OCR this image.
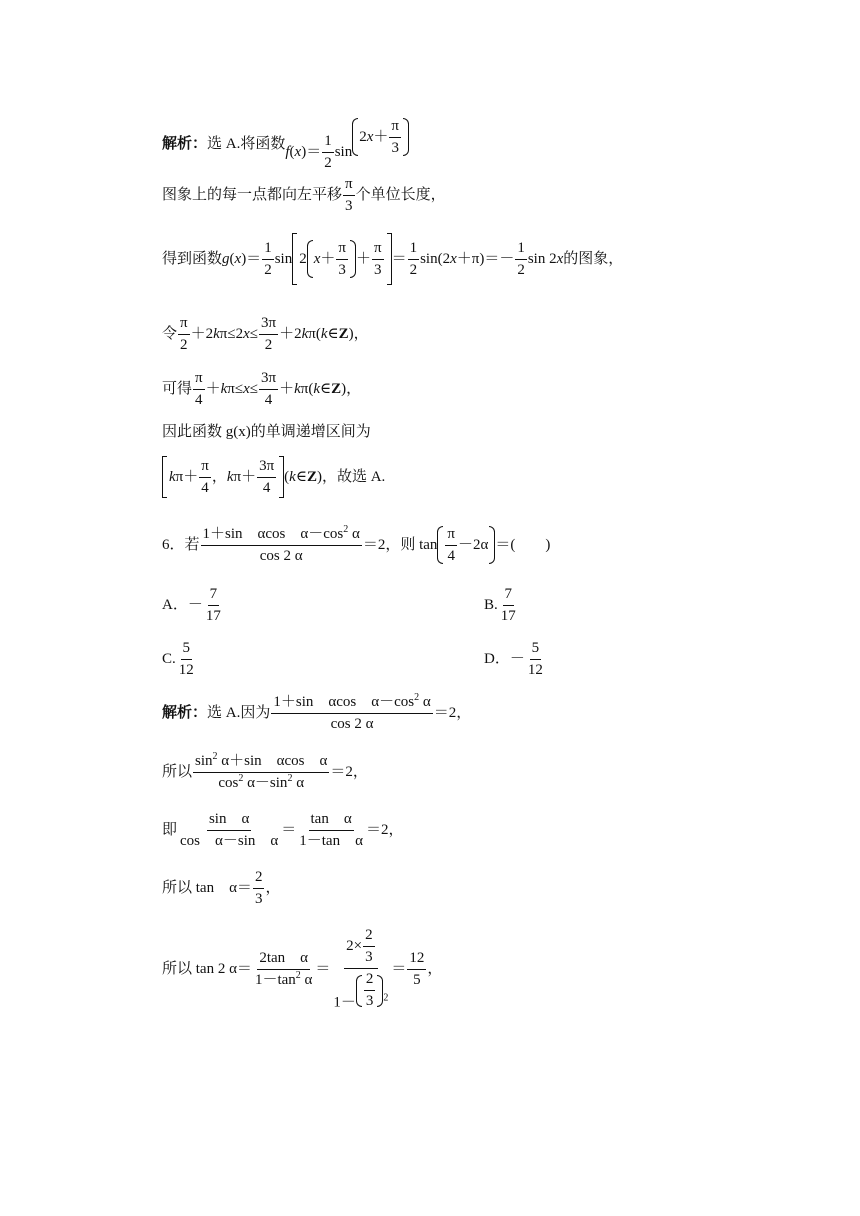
解析： 选 A.将函数 $f(x)= \frac{1}{2}$ sin
2 x ＋
π
3
图象上的每一点都向左平移
π
3
个单位长度，
得到函数 g ( x )＝
1
2
sin 2 x ＋
π
3
＋
π
3
＝
1
2
sin(2 x ＋π)＝－
1
2
sin 2 x 的图象，
令
π
2
＋2 k π≤2 x ≤
3π
2
＋2 k π( k ∈ Z )，
可得
π
4
＋ k π≤ x ≤
3π
4
＋ k π( k ∈ Z )，
因此函数 g(x)的单调递增区间为
k π＋
π
4
， k π＋
3π
4
( k ∈ Z ) ，故选 A.
6．若
1＋sin　αcos　$\alpha-\cos^2$ α
cos 2 α
＝2，则 tan
π
4
－2α ＝(　　)
A． －
7
17
B.
7
17
C.
5
12
D． －
5
12
解析： 选 A.因为
1＋sin　αcos　$\alpha-\cos^2$ α
cos 2 α
＝2，
所以
$\sin^2 \alpha+\sin$　αcos　α
$\cos^2 \alpha-\sin^2$ α
＝2，
即
sin　α
cos　α－sin　α
＝
tan　α
1－tan　α
＝2，
所以 tan　α＝
2
3
，
所以 tan 2 α＝
2tan　α
$1-\tan^2$ α
＝
$2\times \frac{2}{3}$
1－
2
3 $^2$
＝
12
5
，
